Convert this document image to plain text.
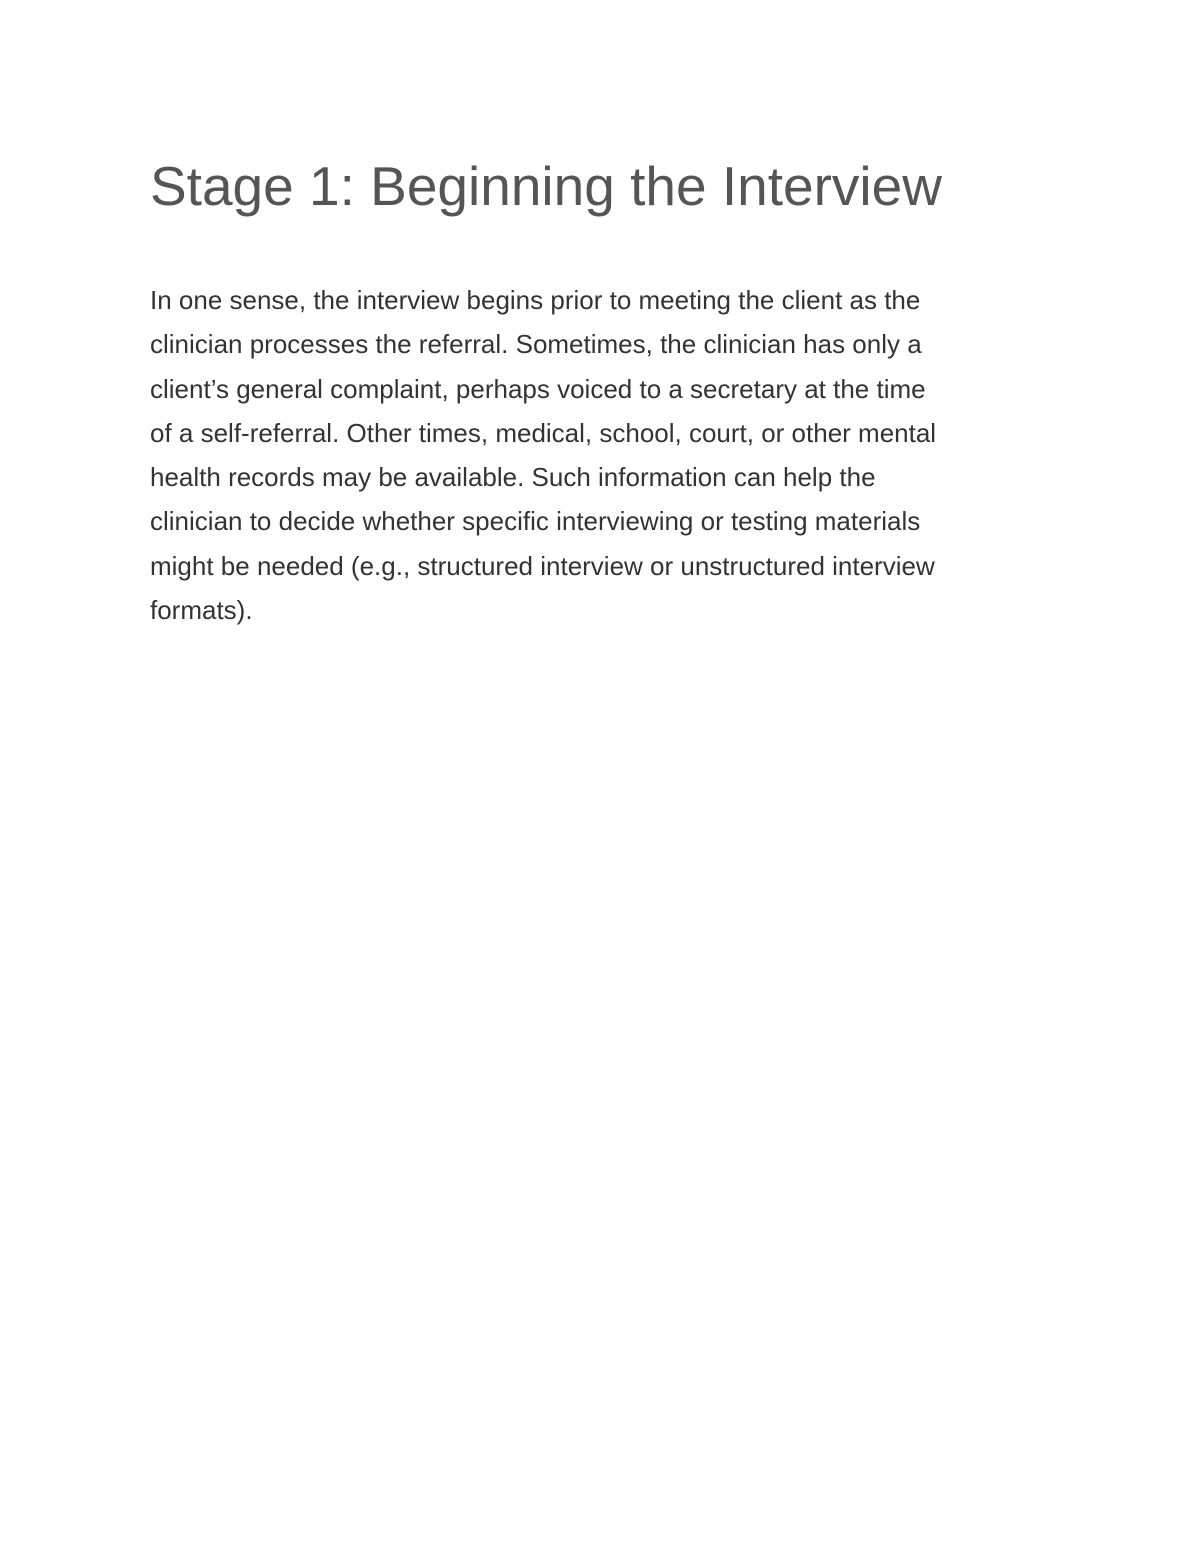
Stage 1: Beginning the Interview

In one sense, the interview begins prior to meeting the client as the
clinician processes the referral. Sometimes, the clinician has only a
client’s general complaint, perhaps voiced to a secretary at the time
of a self-referral. Other times, medical, school, court, or other mental
health records may be available. Such information can help the
clinician to decide whether specific interviewing or testing materials
might be needed (e.g., structured interview or unstructured interview
formats).
